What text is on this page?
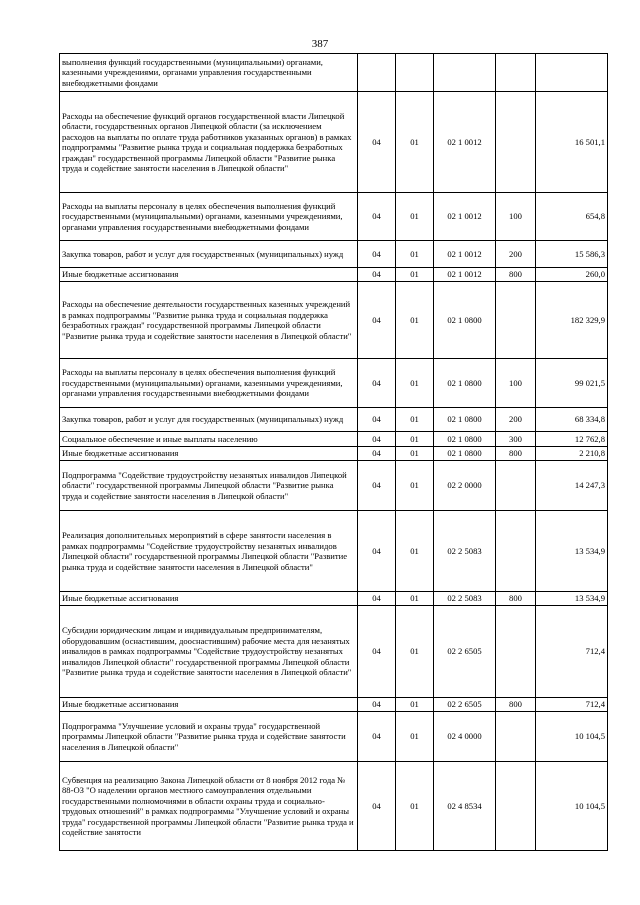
387
выполнения функций государственными (муниципальными) органами, казенными учреждениями, органами управления государственными внебюджетными фондами					
Расходы на обеспечение функций органов государственной власти Липецкой области, государственных органов Липецкой области (за исключением расходов на выплаты по оплате труда работников указанных органов) в рамках подпрограммы "Развитие рынка труда и социальная поддержка безработных граждан" государственной программы Липецкой области "Развитие рынка труда и содействие занятости населения в Липецкой области"	04	01	02 1 0012		16 501,1
Расходы на выплаты персоналу в целях обеспечения выполнения функций государственными (муниципальными) органами, казенными учреждениями, органами управления государственными внебюджетными фондами	04	01	02 1 0012	100	654,8
Закупка товаров, работ и услуг для государственных (муниципальных) нужд	04	01	02 1 0012	200	15 586,3
Иные бюджетные ассигнования	04	01	02 1 0012	800	260,0
Расходы на обеспечение деятельности государственных казенных учреждений в рамках подпрограммы "Развитие рынка труда и социальная поддержка безработных граждан" государственной программы Липецкой области "Развитие рынка труда и содействие занятости населения в Липецкой области"	04	01	02 1 0800		182 329,9
Расходы на выплаты персоналу в целях обеспечения выполнения функций государственными (муниципальными) органами, казенными учреждениями, органами управления государственными внебюджетными фондами	04	01	02 1 0800	100	99 021,5
Закупка товаров, работ и услуг для государственных (муниципальных) нужд	04	01	02 1 0800	200	68 334,8
Социальное обеспечение и иные выплаты населению	04	01	02 1 0800	300	12 762,8
Иные бюджетные ассигнования	04	01	02 1 0800	800	2 210,8
Подпрограмма "Содействие трудоустройству незанятых инвалидов Липецкой области" государственной программы Липецкой области "Развитие рынка труда и содействие занятости населения в Липецкой области"	04	01	02 2 0000		14 247,3
Реализация дополнительных мероприятий в сфере занятости населения в рамках подпрограммы "Содействие трудоустройству незанятых инвалидов Липецкой области" государственной программы Липецкой области "Развитие рынка труда и содействие занятости населения в Липецкой области"	04	01	02 2 5083		13 534,9
Иные бюджетные ассигнования	04	01	02 2 5083	800	13 534,9
Субсидии юридическим лицам и индивидуальным предпринимателям, оборудовавшим (оснастившим, дооснастившим) рабочие места для незанятых инвалидов в рамках подпрограммы "Содействие трудоустройству незанятых инвалидов Липецкой области" государственной программы Липецкой области "Развитие рынка труда и содействие занятости населения в Липецкой области"	04	01	02 2 6505		712,4
Иные бюджетные ассигнования	04	01	02 2 6505	800	712,4
Подпрограмма "Улучшение условий и охраны труда" государственной программы Липецкой области "Развитие рынка труда и содействие занятости населения в Липецкой области"	04	01	02 4 0000		10 104,5
Субвенция на реализацию Закона Липецкой области от 8 ноября 2012 года № 88-ОЗ "О наделении органов местного самоуправления отдельными государственными полномочиями в области охраны труда и социально-трудовых отношений" в рамках подпрограммы "Улучшение условий и охраны труда" государственной программы Липецкой области "Развитие рынка труда и содействие занятости	04	01	02 4 8534		10 104,5
